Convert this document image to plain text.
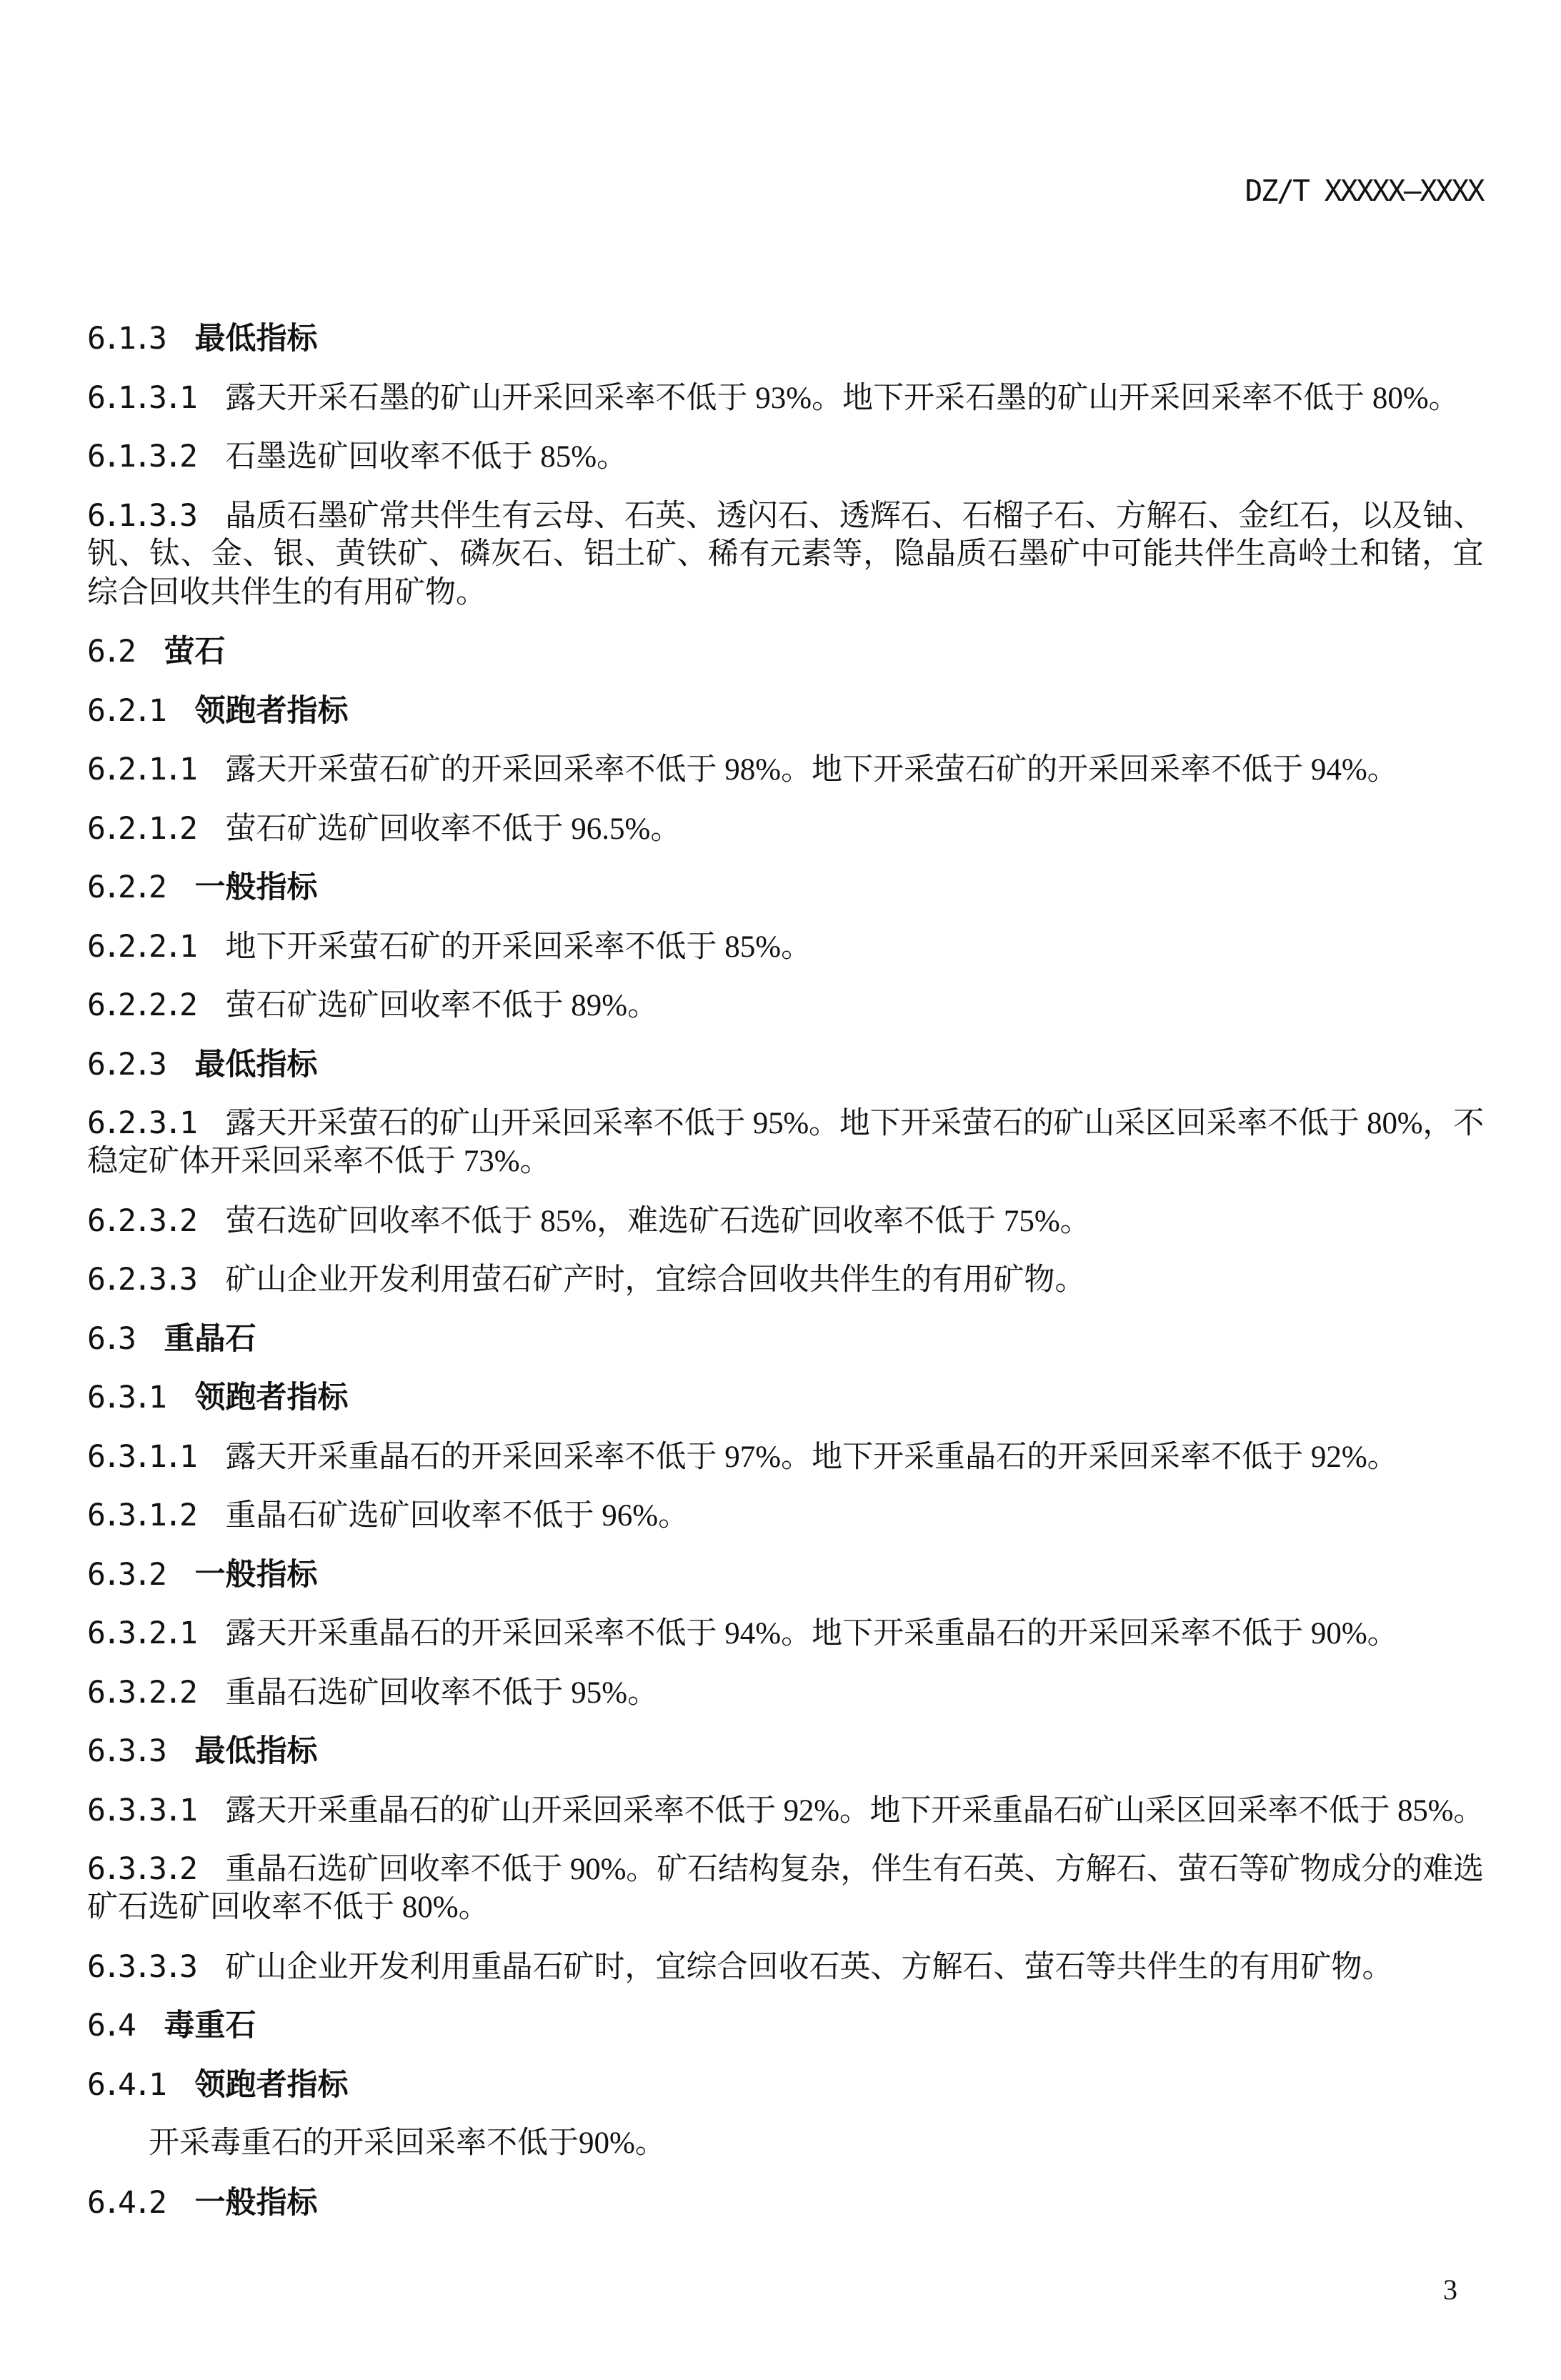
DZ/T XXXXX—XXXX
6.1.3 最低指标
6.1.3.1 露天开采石墨的矿山开采回采率不低于 93%。地下开采石墨的矿山开采回采率不低于 80%。
6.1.3.2 石墨选矿回收率不低于 85%。
6.1.3.3 晶质石墨矿常共伴生有云母、石英、透闪石、透辉石、石榴子石、方解石、金红石，以及铀、
钒、钛、金、银、黄铁矿、磷灰石、铝土矿、稀有元素等，隐晶质石墨矿中可能共伴生高岭土和锗，宜
综合回收共伴生的有用矿物。
6.2 萤石
6.2.1 领跑者指标
6.2.1.1 露天开采萤石矿的开采回采率不低于 98%。地下开采萤石矿的开采回采率不低于 94%。
6.2.1.2 萤石矿选矿回收率不低于 96.5%。
6.2.2 一般指标
6.2.2.1 地下开采萤石矿的开采回采率不低于 85%。
6.2.2.2 萤石矿选矿回收率不低于 89%。
6.2.3 最低指标
6.2.3.1 露天开采萤石的矿山开采回采率不低于 95%。地下开采萤石的矿山采区回采率不低于 80%，不
稳定矿体开采回采率不低于 73%。
6.2.3.2 萤石选矿回收率不低于 85%，难选矿石选矿回收率不低于 75%。
6.2.3.3 矿山企业开发利用萤石矿产时，宜综合回收共伴生的有用矿物。
6.3 重晶石
6.3.1 领跑者指标
6.3.1.1 露天开采重晶石的开采回采率不低于 97%。地下开采重晶石的开采回采率不低于 92%。
6.3.1.2 重晶石矿选矿回收率不低于 96%。
6.3.2 一般指标
6.3.2.1 露天开采重晶石的开采回采率不低于 94%。地下开采重晶石的开采回采率不低于 90%。
6.3.2.2 重晶石选矿回收率不低于 95%。
6.3.3 最低指标
6.3.3.1 露天开采重晶石的矿山开采回采率不低于 92%。地下开采重晶石矿山采区回采率不低于 85%。
6.3.3.2 重晶石选矿回收率不低于 90%。矿石结构复杂，伴生有石英、方解石、萤石等矿物成分的难选
矿石选矿回收率不低于 80%。
6.3.3.3 矿山企业开发利用重晶石矿时，宜综合回收石英、方解石、萤石等共伴生的有用矿物。
6.4 毒重石
6.4.1 领跑者指标
开采毒重石的开采回采率不低于90%。
6.4.2 一般指标
3
